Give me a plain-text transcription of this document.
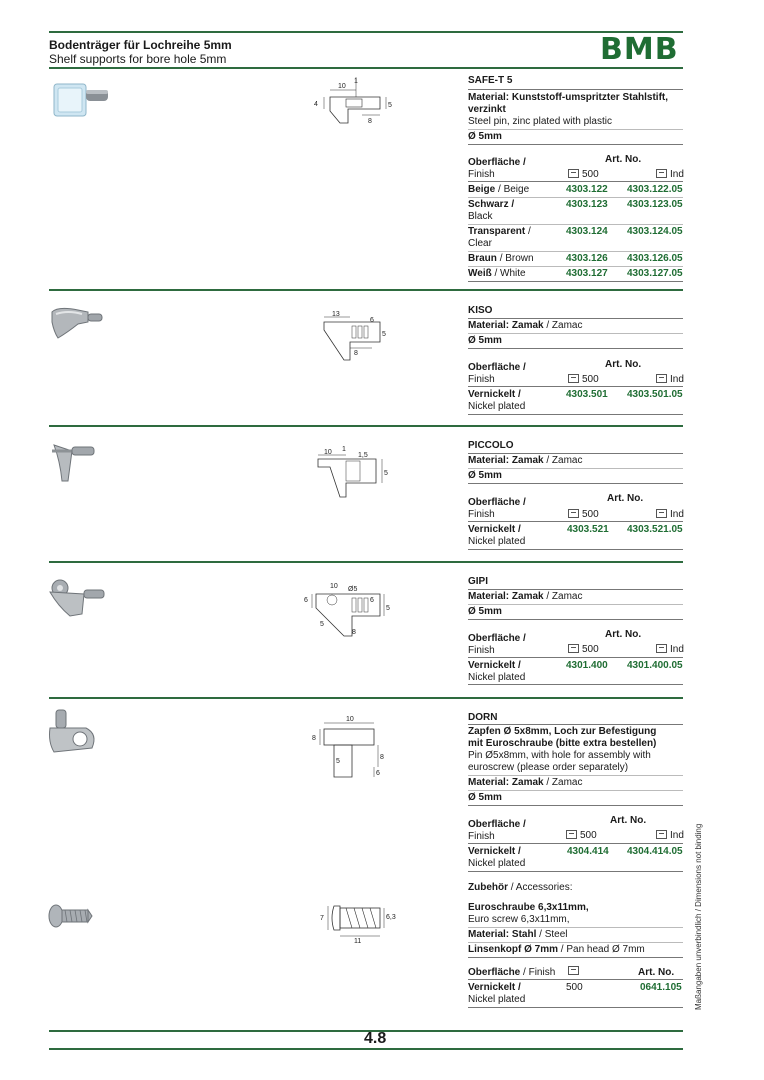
Bodenträger für Lochreihe 5mm
Shelf supports for bore hole 5mm	BMB
1
10
4	5
8
SAFE-T 5
Material: Kunststoff-umspritzter Stahlstift, verzinkt
Steel pin, zinc plated with plastic
Ø 5mm
Oberfläche /
Finish
Art. No.
500	Ind
Beige / Beige	4303.122 4303.122.05
Schwarz /
Black
4303.123 4303.123.05
Transparent /
Clear
4303.124 4303.124.05
Braun / Brown	4303.126 4303.126.05
Weiß / White	4303.127 4303.127.05
13
6
5
8
KISO
Material: Zamak / Zamac
Ø 5mm
Oberfläche /
Finish
Art. No.
500	Ind
Vernickelt /
Nickel plated
4303.501 4303.501.05
10 1
1,5
5
PICCOLO
Material: Zamak / Zamac
Ø 5mm
Oberfläche /
Finish
Art. No.
500	Ind
Vernickelt /
Nickel plated
4303.521 4303.521.05
10 Ø5
6	6
5
5
8
GIPI
Material: Zamak / Zamac
Ø 5mm
Oberfläche /
Finish
Art. No.
500	Ind
Vernickelt /
Nickel plated
4301.400 4301.400.05
10
8
5
8
6
DORN
Zapfen Ø 5x8mm, Loch zur Befestigung
mit Euroschraube (bitte extra bestellen)
Pin Ø5x8mm, with hole for assembly with
euroscrew (please order separately)
Material: Zamak / Zamac
Ø 5mm
Oberfläche /
Finish
Art. No.
500	Ind
Vernickelt /
Nickel plated
4304.414 4304.414.05
Zubehör / Accessories:
7	6,3
11
Euroschraube 6,3x11mm,
Euro screw 6,3x11mm,
Material: Stahl / Steel
Linsenkopf Ø 7mm / Pan head Ø 7mm
Oberfläche / Finish	Art. No.
Vernickelt /
Nickel plated
500	0641.105 Maßangaben unverbindlich / Dimensions not binding
4.8
